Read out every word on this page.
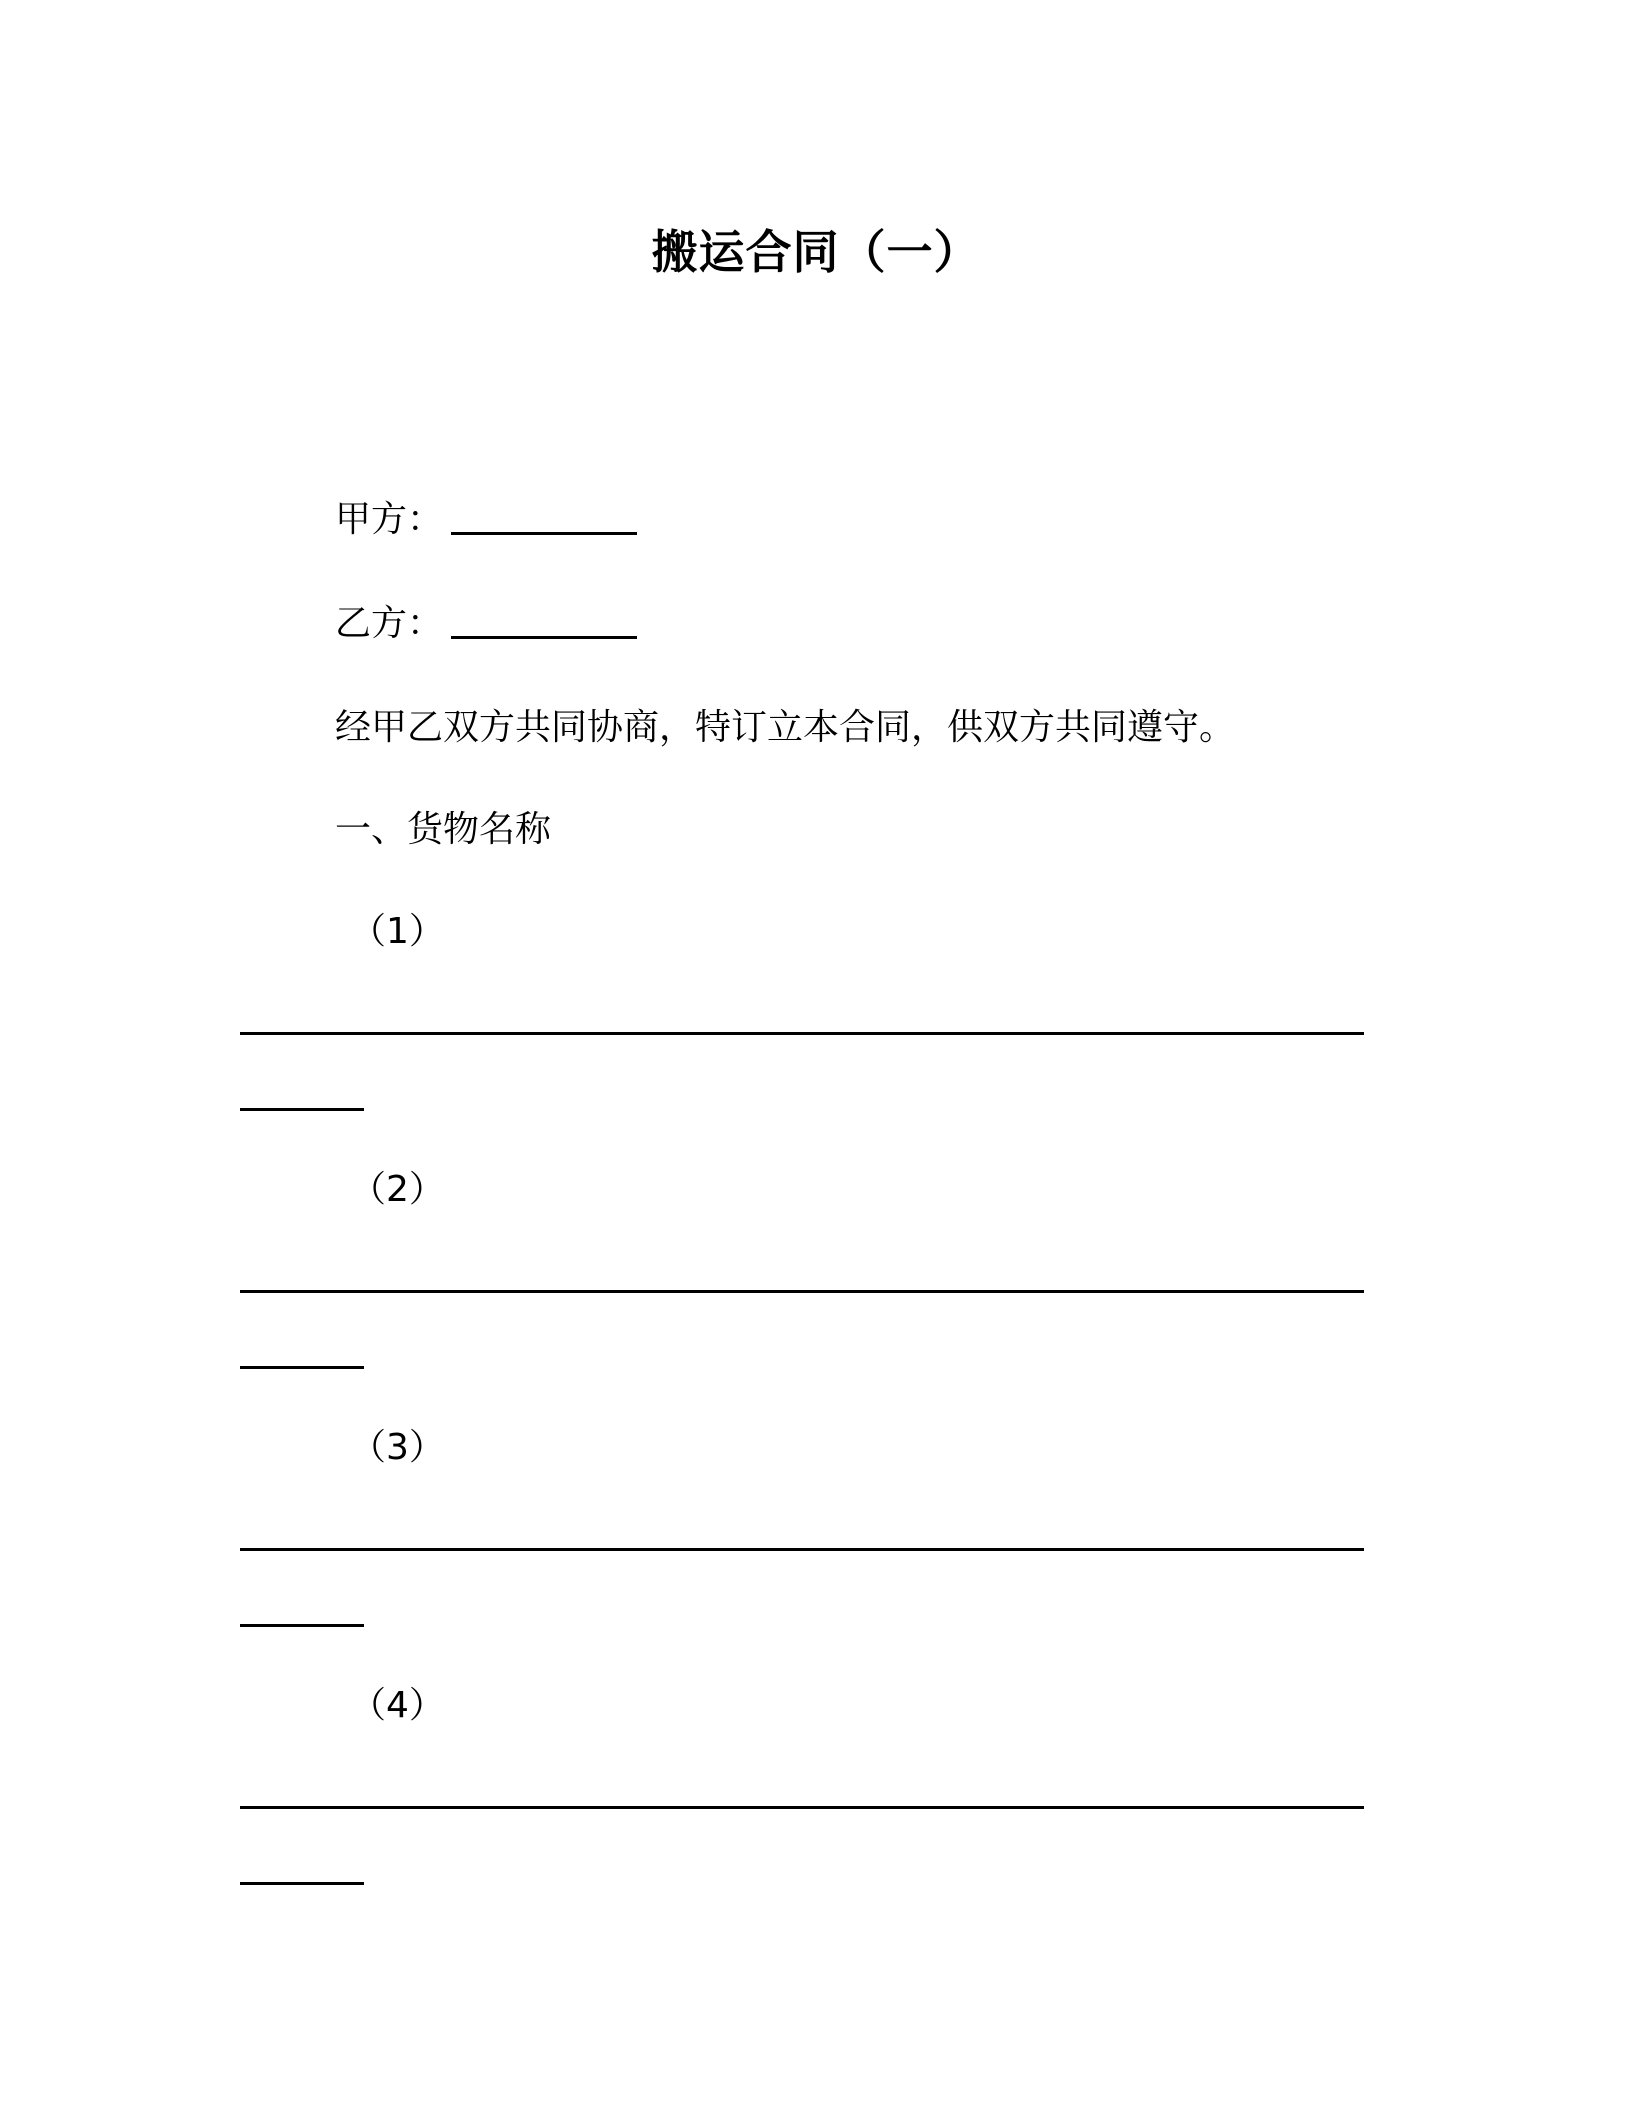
搬运合同（一）
甲方：
乙方：
经甲乙双方共同协商，特订立本合同，供双方共同遵守。
一、货物名称
（1）
（2）
（3）
（4）
